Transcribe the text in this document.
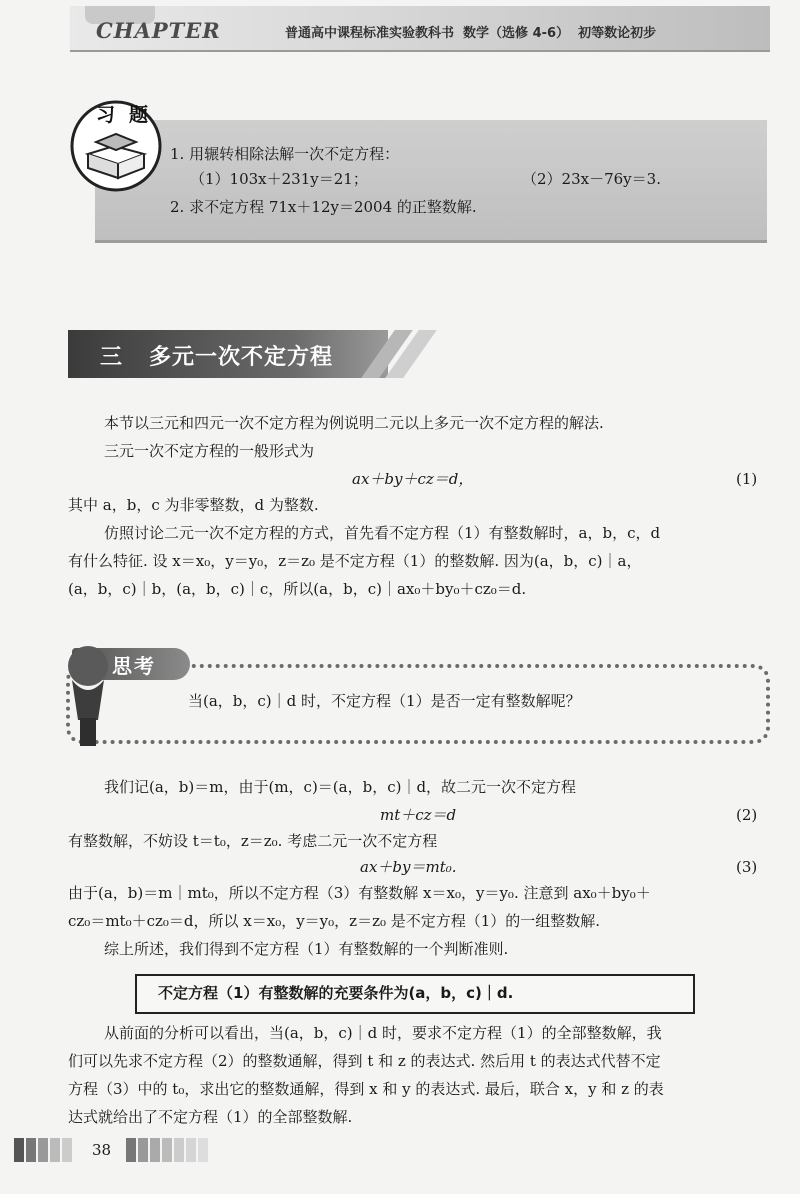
CHAPTER	普通高中课程标准实验教科书  数学（选修 4-6）  初等数论初步
习题
1. 用辗转相除法解一次不定方程：
（1）103x＋231y＝21；	（2）23x－76y＝3.
2. 求不定方程 71x＋12y＝2004 的正整数解.
三   多元一次不定方程
本节以三元和四元一次不定方程为例说明二元以上多元一次不定方程的解法.
三元一次不定方程的一般形式为
ax＋by＋cz＝d，	(1)
其中 a，b，c 为非零整数，d 为整数.
仿照讨论二元一次不定方程的方式，首先看不定方程（1）有整数解时，a，b，c，d
有什么特征. 设 x＝x₀，y＝y₀，z＝z₀ 是不定方程（1）的整数解. 因为(a，b，c)｜a，
(a，b，c)｜b，(a，b，c)｜c，所以(a，b，c)｜ax₀＋by₀＋cz₀＝d.
思考
当(a，b，c)｜d 时，不定方程（1）是否一定有整数解呢？
我们记(a，b)＝m，由于(m，c)＝(a，b，c)｜d，故二元一次不定方程
mt＋cz＝d	(2)
有整数解，不妨设 t＝t₀，z＝z₀. 考虑二元一次不定方程
ax＋by＝mt₀.	(3)
由于(a，b)＝m｜mt₀，所以不定方程（3）有整数解 x＝x₀，y＝y₀. 注意到 ax₀＋by₀＋
cz₀＝mt₀＋cz₀＝d，所以 x＝x₀，y＝y₀，z＝z₀ 是不定方程（1）的一组整数解.
综上所述，我们得到不定方程（1）有整数解的一个判断准则.
不定方程（1）有整数解的充要条件为(a，b，c)｜d.
从前面的分析可以看出，当(a，b，c)｜d 时，要求不定方程（1）的全部整数解，我
们可以先求不定方程（2）的整数通解，得到 t 和 z 的表达式. 然后用 t 的表达式代替不定
方程（3）中的 t₀，求出它的整数通解，得到 x 和 y 的表达式. 最后，联合 x，y 和 z 的表
达式就给出了不定方程（1）的全部整数解.
38
